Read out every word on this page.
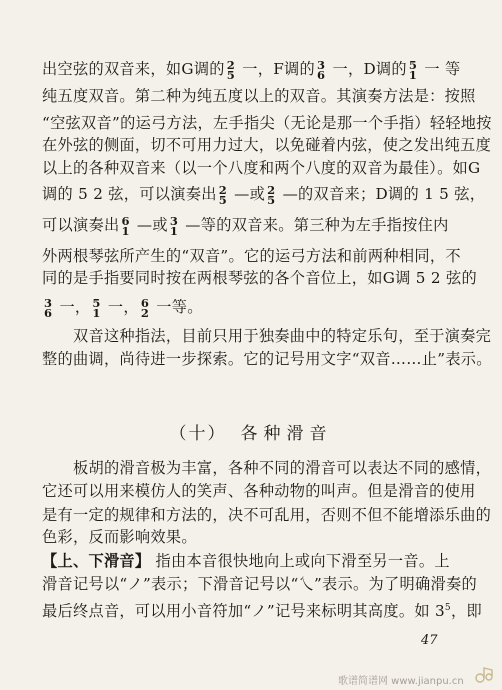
出空弦的双音来，如G调的 2
5 一，F调的 3
6 一，D调的 5
1 一 等
纯五度双音。第二种为纯五度以上的双音。其演奏方法是：按照
“空弦双音”的运弓方法，左手指尖（无论是那一个手指）轻轻地按
在外弦的侧面，切不可用力过大，以免碰着内弦，使之发出纯五度
以上的各种双音来（以一个八度和两个八度的双音为最佳）。如G
调的 5 2 弦，可以演奏出 2
5 —或 2
5 —的双音来；D调的 1 5 弦，
可以演奏出 6
1 —或 3
1 —等的双音来。第三种为左手指按住内
外两根琴弦所产生的“双音”。它的运弓方法和前两种相同，不
同的是手指要同时按在两根琴弦的各个音位上，如G调 5 2 弦的
3
6 一， 5
1 一， 6
2 一等。
　　双音这种指法，目前只用于独奏曲中的特定乐句，至于演奏完
整的曲调，尚待进一步探索。它的记号用文字“双音……止”表示。
　　板胡的滑音极为丰富，各种不同的滑音可以表达不同的感情，
它还可以用来模仿人的笑声、各种动物的叫声。但是滑音的使用
是有一定的规律和方法的，决不可乱用，否则不但不能增添乐曲的
色彩，反而影响效果。
【上、下滑音】 指由本音很快地向上或向下滑至另一音。上
滑音记号以“ノ”表示；下滑音记号以“乀”表示。为了明确滑奏的
最后终点音，可以用小音符加“ノ”记号来标明其高度。如 $3^5$，即
（十） 各种滑音
47
歌谱简谱网 www.jianpu.cn
